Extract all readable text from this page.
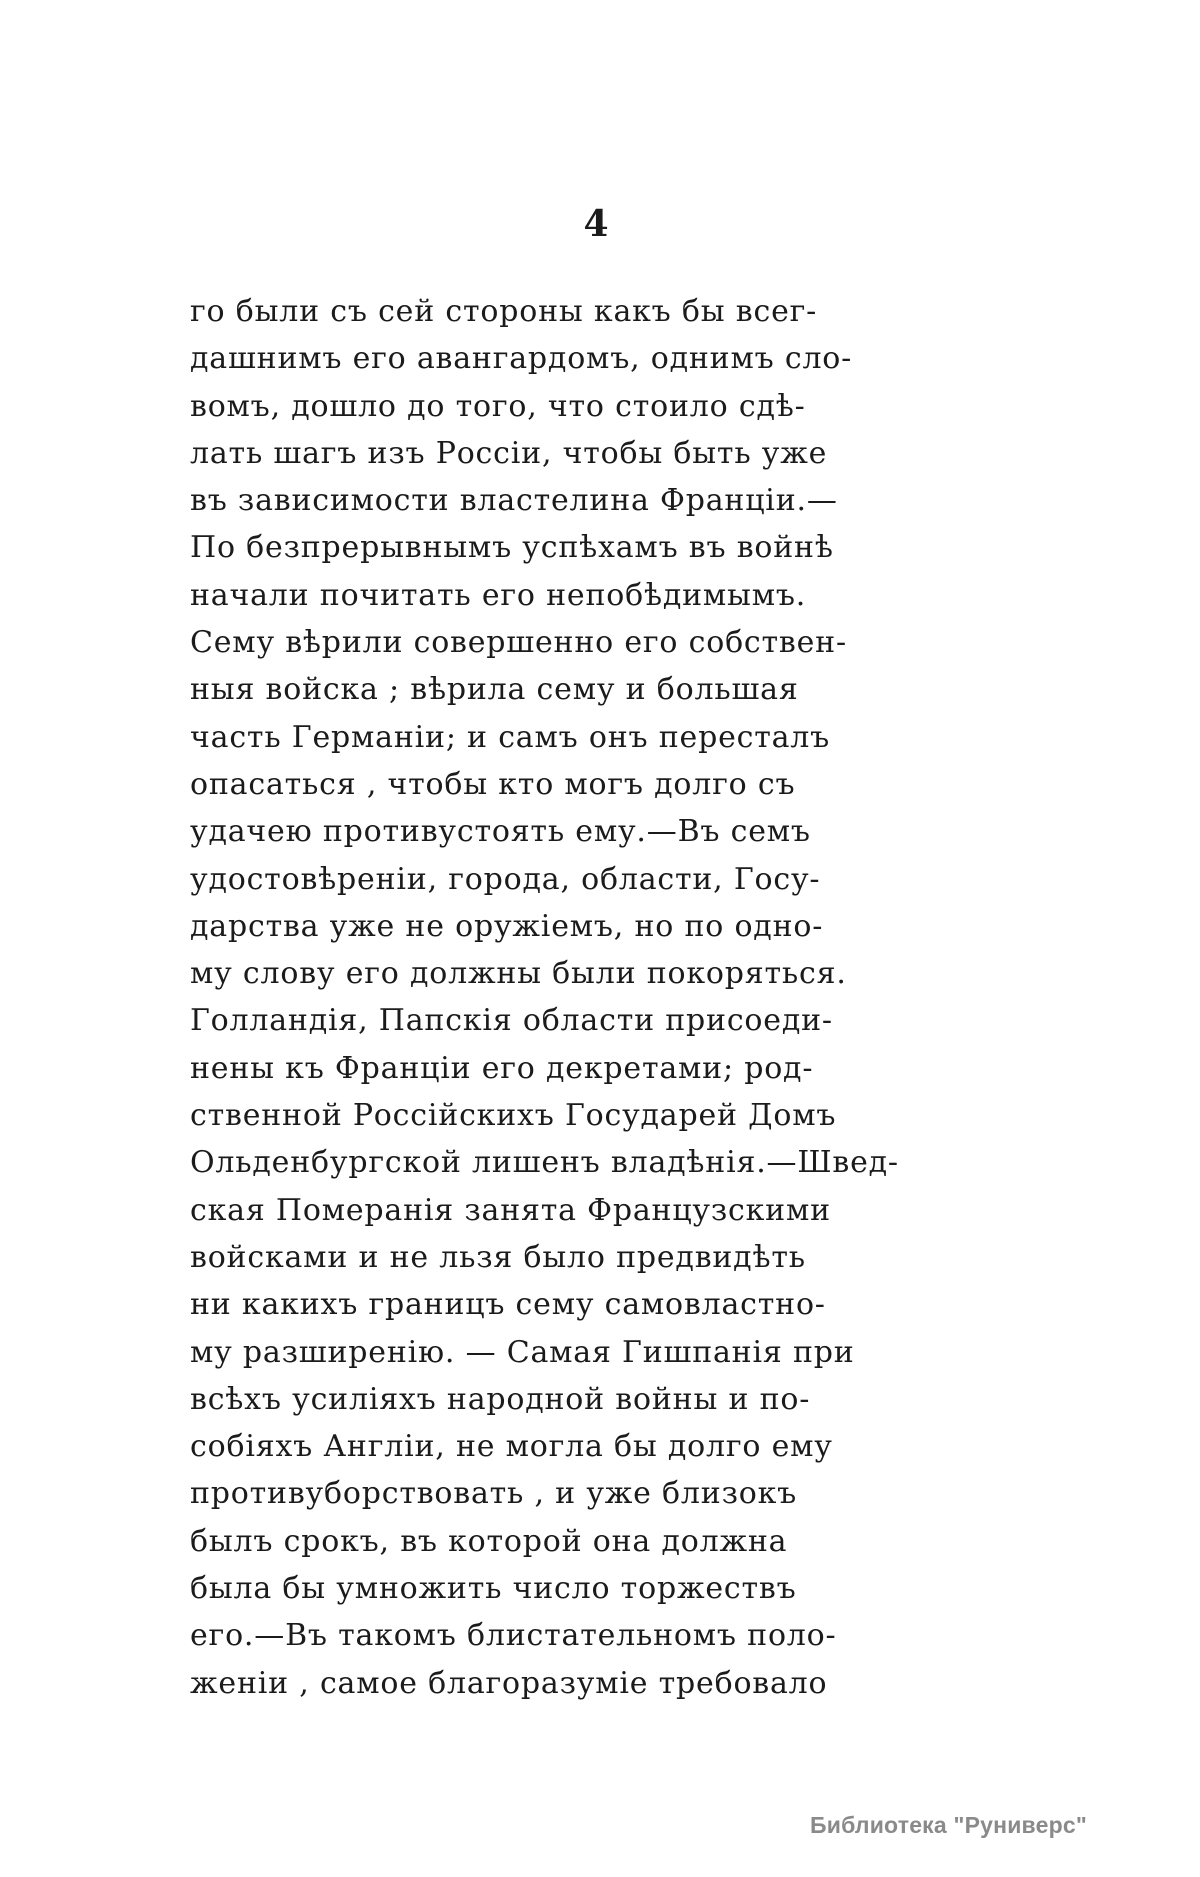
4
го были съ сей стороны какъ бы всег-
дашнимъ его авангардомъ, однимъ сло-
вомъ, дошло до того, что стоило сдѣ-
лать шагъ изъ Россіи, чтобы быть уже
въ зависимости властелина Франціи.—
По безпрерывнымъ успѣхамъ въ войнѣ
начали почитать его непобѣдимымъ.
Сему вѣрили совершенно его собствен-
ныя войска ; вѣрила сему и большая
часть Германіи; и самъ онъ пересталъ
опасаться , чтобы кто могъ долго съ
удачею противустоять ему.—Въ семъ
удостовѣреніи, города, области, Госу-
дарства уже не оружіемъ, но по одно-
му слову его должны были покоряться.
Голландія, Папскія области присоеди-
нены къ Франціи его декретами; род-
ственной Россійскихъ Государей Домъ
Ольденбургской лишенъ владѣнія.—Швед-
ская Померанія занята Французскими
войсками и не льзя было предвидѣть
ни какихъ границъ сему самовластно-
му разширенію. — Самая Гишпанія при
всѣхъ усиліяхъ народной войны и по-
собіяхъ Англіи, не могла бы долго ему
противуборствовать , и уже близокъ
былъ срокъ, въ которой она должна
была бы умножить число торжествъ
его.—Въ такомъ блистательномъ поло-
женіи , самое благоразуміе требовало
Библиотека "Руниверс"
